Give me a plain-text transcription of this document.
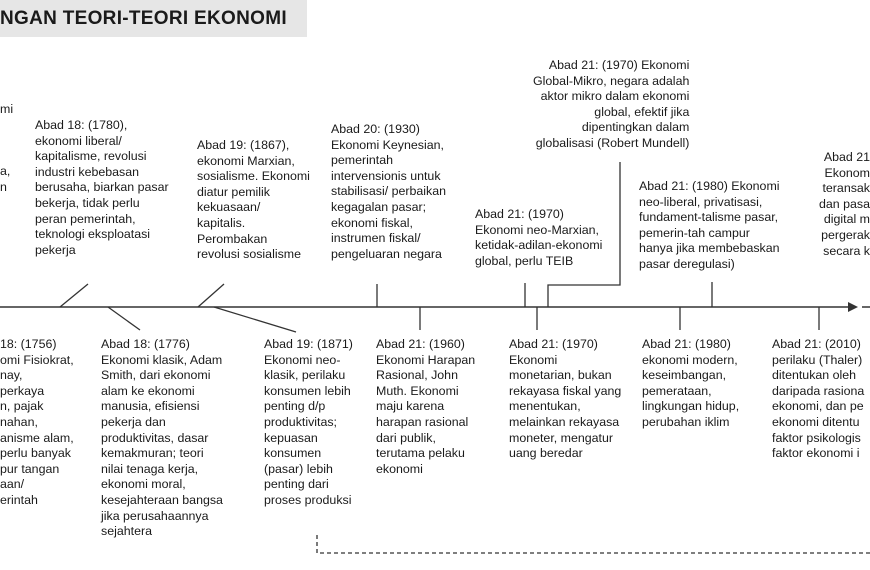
NGAN TEORI-TEORI EKONOMI
mi

a,
n
Abad 18: (1780),
ekonomi liberal/
kapitalisme, revolusi
industri kebebasan
berusaha, biarkan pasar
bekerja, tidak perlu
peran pemerintah,
teknologi eksploatasi
pekerja
Abad 19: (1867),
ekonomi Marxian,
sosialisme. Ekonomi
diatur pemilik
kekuasaan/
kapitalis.
Perombakan
revolusi sosialisme
Abad 20: (1930)
Ekonomi Keynesian,
pemerintah
intervensionis untuk
stabilisasi/ perbaikan
kegagalan pasar;
ekonomi fiskal,
instrumen fiskal/
pengeluaran negara
Abad 21: (1970)
Ekonomi neo-Marxian,
ketidak-adilan-ekonomi
global, perlu TEIB
Abad 21: (1970) Ekonomi
Global-Mikro, negara adalah
aktor mikro dalam ekonomi
global, efektif jika
dipentingkan dalam
globalisasi (Robert Mundell)
Abad 21: (1980) Ekonomi
neo-liberal, privatisasi,
fundament-talisme pasar,
pemerin-tah campur
hanya jika membebaskan
pasar deregulasi)
Abad 21
Ekonom
teransak
dan pasa
digital m
pergerak
secara k
18: (1756)
omi Fisiokrat,
nay,
perkaya
n, pajak
nahan,
anisme alam,
perlu banyak
pur tangan
aan/
erintah
Abad 18: (1776)
Ekonomi klasik, Adam
Smith, dari ekonomi
alam ke ekonomi
manusia, efisiensi
pekerja dan
produktivitas, dasar
kemakmuran; teori
nilai tenaga kerja,
ekonomi moral,
kesejahteraan bangsa
jika perusahaannya
sejahtera
Abad 19: (1871)
Ekonomi neo-
klasik, perilaku
konsumen lebih
penting d/p
produktivitas;
kepuasan
konsumen
(pasar) lebih
penting dari
proses produksi
Abad 21: (1960)
Ekonomi Harapan
Rasional, John
Muth. Ekonomi
maju karena
harapan rasional
dari publik,
terutama pelaku
ekonomi
Abad 21: (1970)
Ekonomi
monetarian, bukan
rekayasa fiskal yang
menentukan,
melainkan rekayasa
moneter, mengatur
uang beredar
Abad 21: (1980)
ekonomi modern,
keseimbangan,
pemerataan,
lingkungan hidup,
perubahan iklim
Abad 21: (2010)
perilaku (Thaler)
ditentukan oleh
daripada rasiona
ekonomi, dan pe
ekonomi ditentu
faktor psikologis
faktor ekonomi i
